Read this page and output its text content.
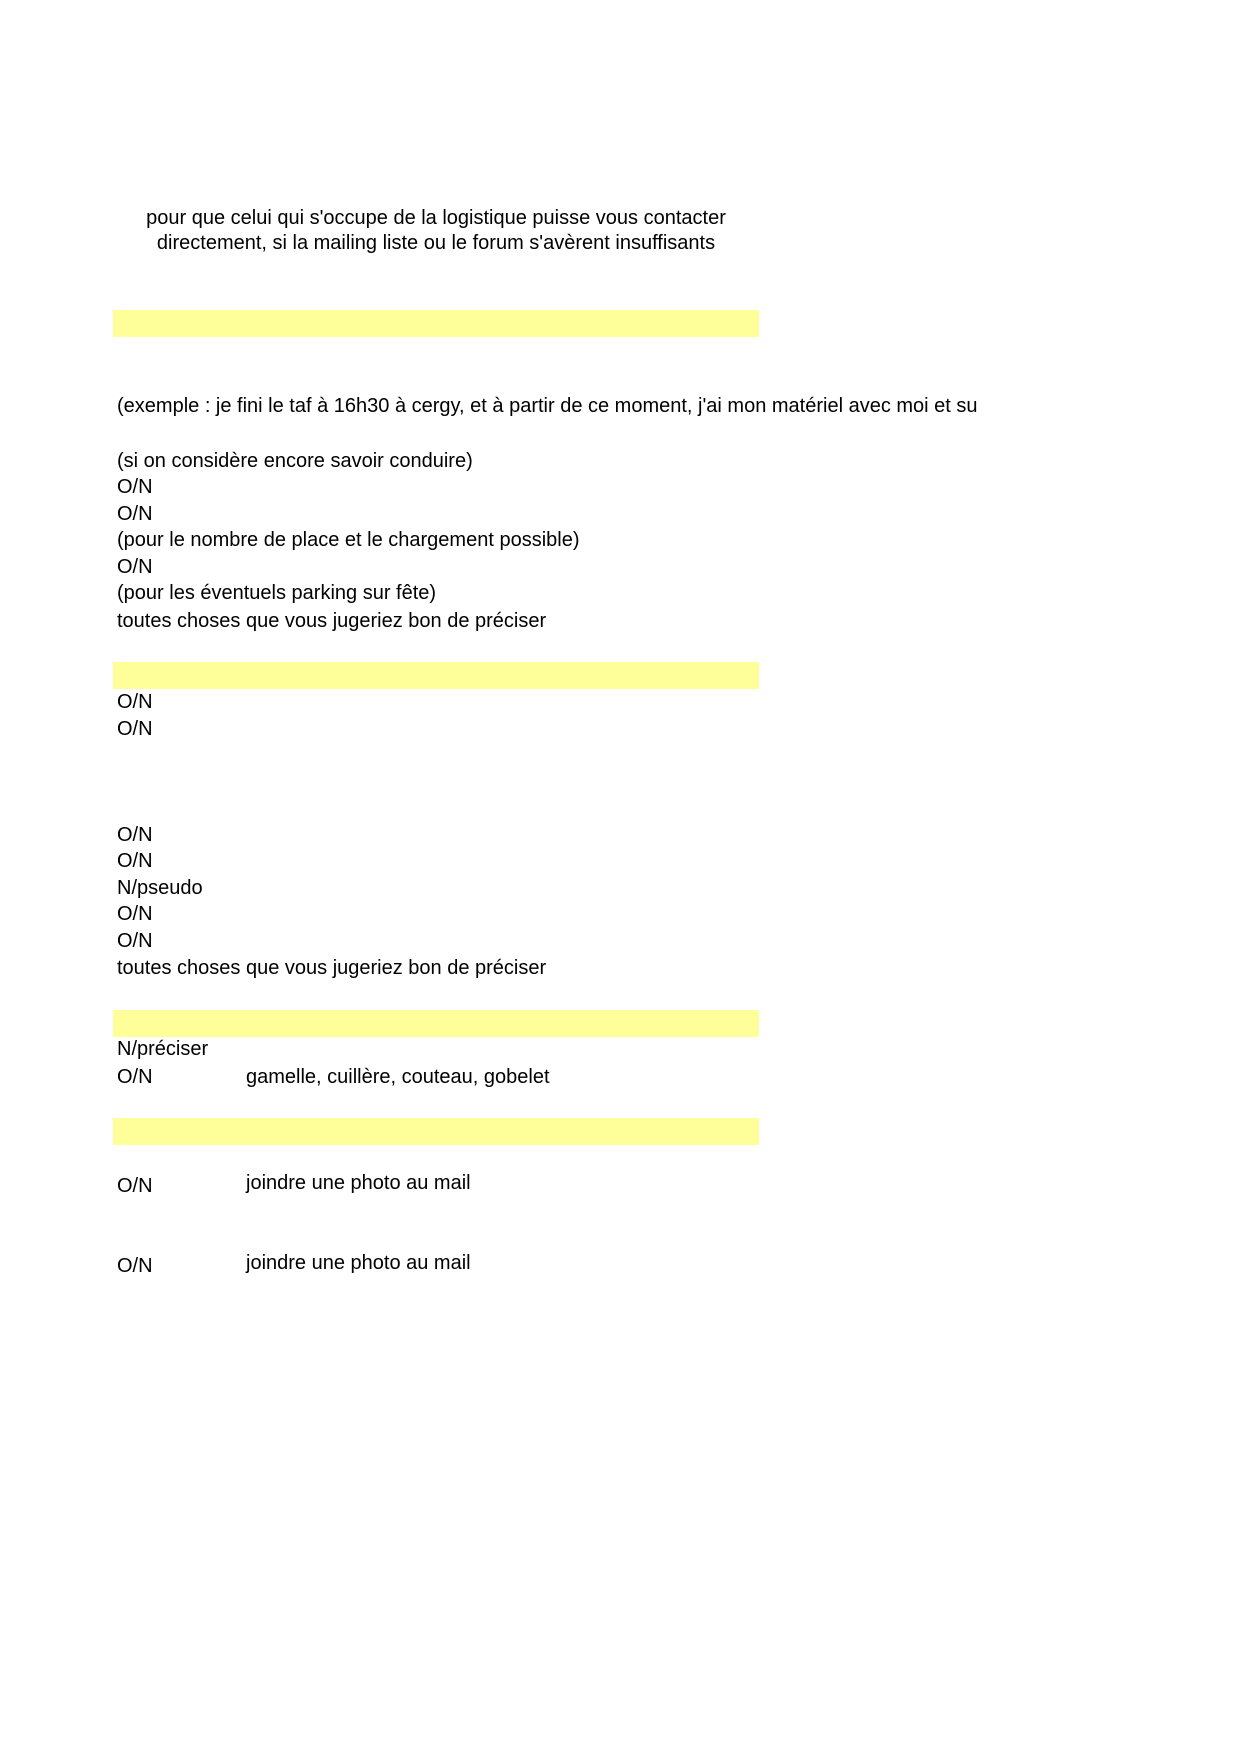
pour que celui qui s'occupe de la logistique puisse vous contacter
directement, si la mailing liste ou le forum s'avèrent insuffisants
(exemple : je fini le taf à 16h30 à cergy, et à partir de ce moment, j'ai mon matériel avec moi et su
(si on considère encore savoir conduire)
O/N
O/N
(pour le nombre de place et le chargement possible)
O/N
(pour les éventuels parking sur fête)
toutes choses que vous jugeriez bon de préciser
O/N
O/N
O/N
O/N
N/pseudo
O/N
O/N
toutes choses que vous jugeriez bon de préciser
N/préciser
O/N	gamelle, cuillère, couteau, gobelet
O/N	joindre une photo au mail
O/N	joindre une photo au mail
